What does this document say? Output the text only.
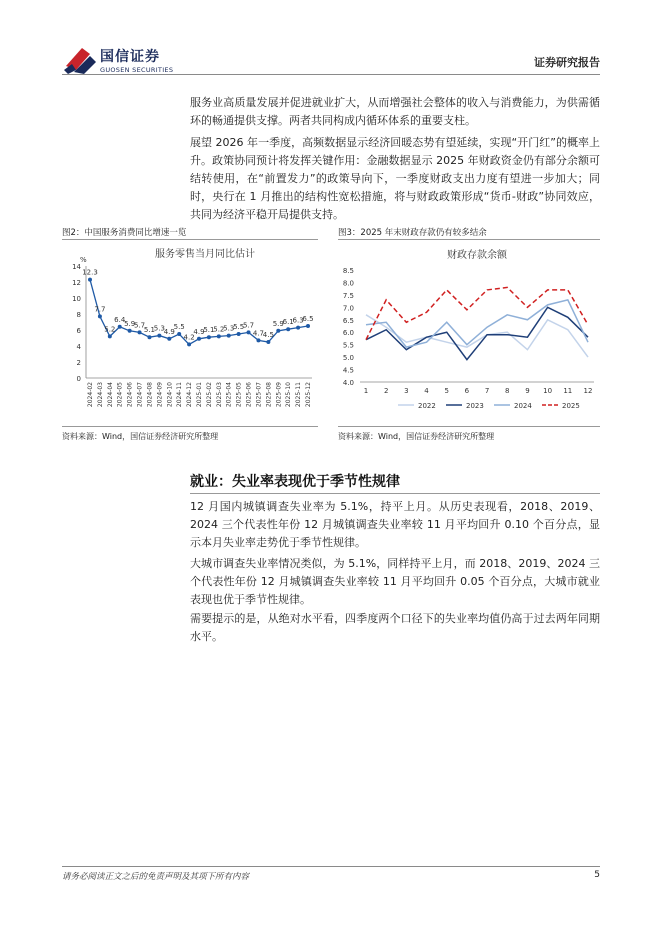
国信证券
GUOSEN SECURITIES
证券研究报告

服务业高质量发展并促进就业扩大，从而增强社会整体的收入与消费能力，为供需循环的畅通提供支撑。两者共同构成内循环体系的重要支柱。

展望 2026 年一季度，高频数据显示经济回暖态势有望延续，实现“开门红”的概率上升。政策协同预计将发挥关键作用：金融数据显示 2025 年财政资金仍有部分余额可结转使用，在“前置发力”的政策导向下，一季度财政支出力度有望进一步加大；同时，央行在 1 月推出的结构性宽松措施，将与财政政策形成“货币-财政”协同效应，共同为经济平稳开局提供支持。

图2：中国服务消费同比增速一览	图3：2025 年末财政存款仍有较多结余
服务零售当月同比估计
%
0
2
4
6
8
10
12
14
2024-02 2024-03 2024-04 2024-05 2024-06 2024-07 2024-08 2024-09 2024-10 2024-11 2024-12 2025-01 2025-02 2025-03 2025-04 2025-05 2025-06 2025-07 2025-08 2025-09 2025-10 2025-11 2025-12
12.3
7.7
5.2
6.4
5.9
5.7
5.1
5.3
4.9
5.5
4.2
4.9
5.1
5.2
5.3
5.5
5.7
4.7
4.5
5.9
6.1
6.3
6.5
财政存款余额
4.0
4.5
5.0
5.5
6.0
6.5
7.0
7.5
8.0
8.5
1 2 3 4 5 6 7 8 9 10 11 12
2022	2023	2024	2025
资料来源：Wind，国信证券经济研究所整理	资料来源：Wind，国信证券经济研究所整理
就业：失业率表现优于季节性规律

12 月国内城镇调查失业率为 5.1%，持平上月。从历史表现看，2018、2019、2024 三个代表性年份 12 月城镇调查失业率较 11 月平均回升 0.10 个百分点，显示本月失业率走势优于季节性规律。

大城市调查失业率情况类似，为 5.1%，同样持平上月，而 2018、2019、2024 三个代表性年份 12 月城镇调查失业率较 11 月平均回升 0.05 个百分点，大城市就业表现也优于季节性规律。

需要提示的是，从绝对水平看，四季度两个口径下的失业率均值仍高于过去两年同期水平。

请务必阅读正文之后的免责声明及其项下所有内容	5
